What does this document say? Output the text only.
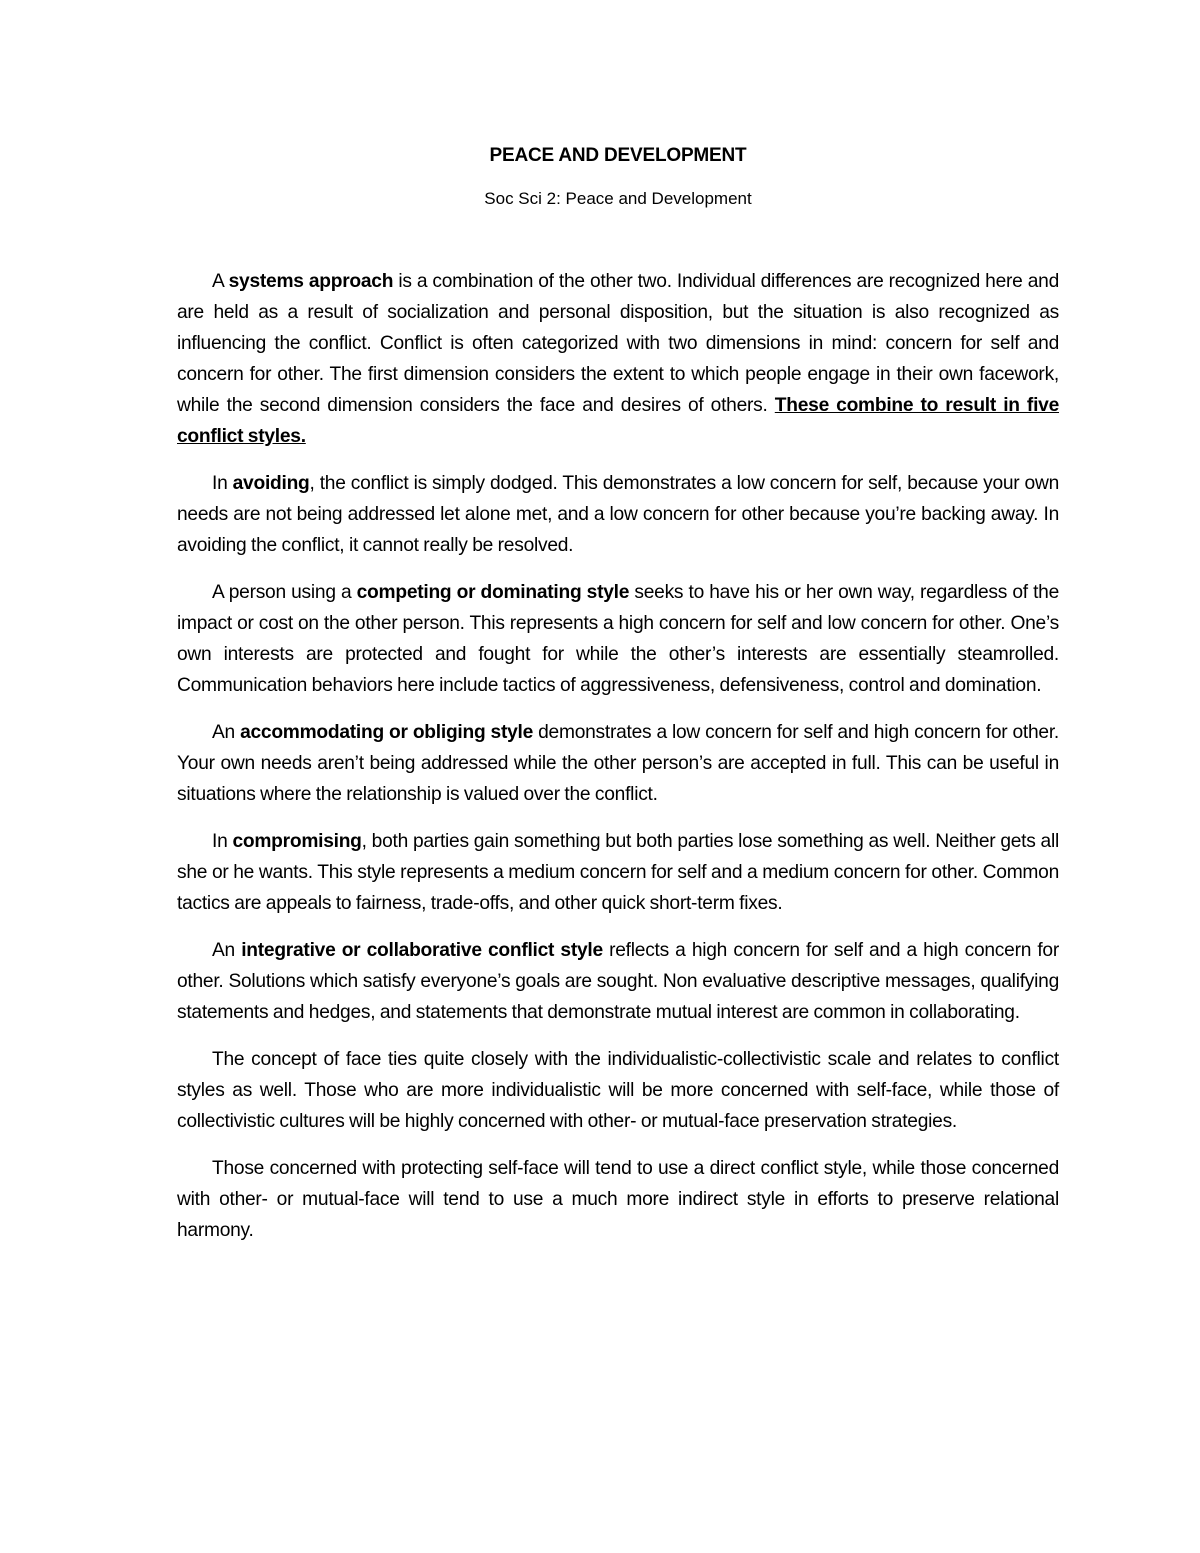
PEACE AND DEVELOPMENT
Soc Sci 2: Peace and Development

A systems approach is a combination of the other two. Individual differences are recognized here and are held as a result of socialization and personal disposition, but the situation is also recognized as influencing the conflict. Conflict is often categorized with two dimensions in mind: concern for self and concern for other. The first dimension considers the extent to which people engage in their own facework, while the second dimension considers the face and desires of others. These combine to result in five conflict styles.

In avoiding, the conflict is simply dodged. This demonstrates a low concern for self, because your own needs are not being addressed let alone met, and a low concern for other because you’re backing away. In avoiding the conflict, it cannot really be resolved.

A person using a competing or dominating style seeks to have his or her own way, regardless of the impact or cost on the other person. This represents a high concern for self and low concern for other. One’s own interests are protected and fought for while the other’s interests are essentially steamrolled. Communication behaviors here include tactics of aggressiveness, defensiveness, control and domination.

An accommodating or obliging style demonstrates a low concern for self and high concern for other. Your own needs aren’t being addressed while the other person’s are accepted in full. This can be useful in situations where the relationship is valued over the conflict.

In compromising, both parties gain something but both parties lose something as well. Neither gets all she or he wants. This style represents a medium concern for self and a medium concern for other. Common tactics are appeals to fairness, trade-offs, and other quick short-term fixes.

An integrative or collaborative conflict style reflects a high concern for self and a high concern for other. Solutions which satisfy everyone’s goals are sought. Non evaluative descriptive messages, qualifying statements and hedges, and statements that demonstrate mutual interest are common in collaborating.

The concept of face ties quite closely with the individualistic-collectivistic scale and relates to conflict styles as well. Those who are more individualistic will be more concerned with self-face, while those of collectivistic cultures will be highly concerned with other- or mutual-face preservation strategies.

Those concerned with protecting self-face will tend to use a direct conflict style, while those concerned with other- or mutual-face will tend to use a much more indirect style in efforts to preserve relational harmony.
